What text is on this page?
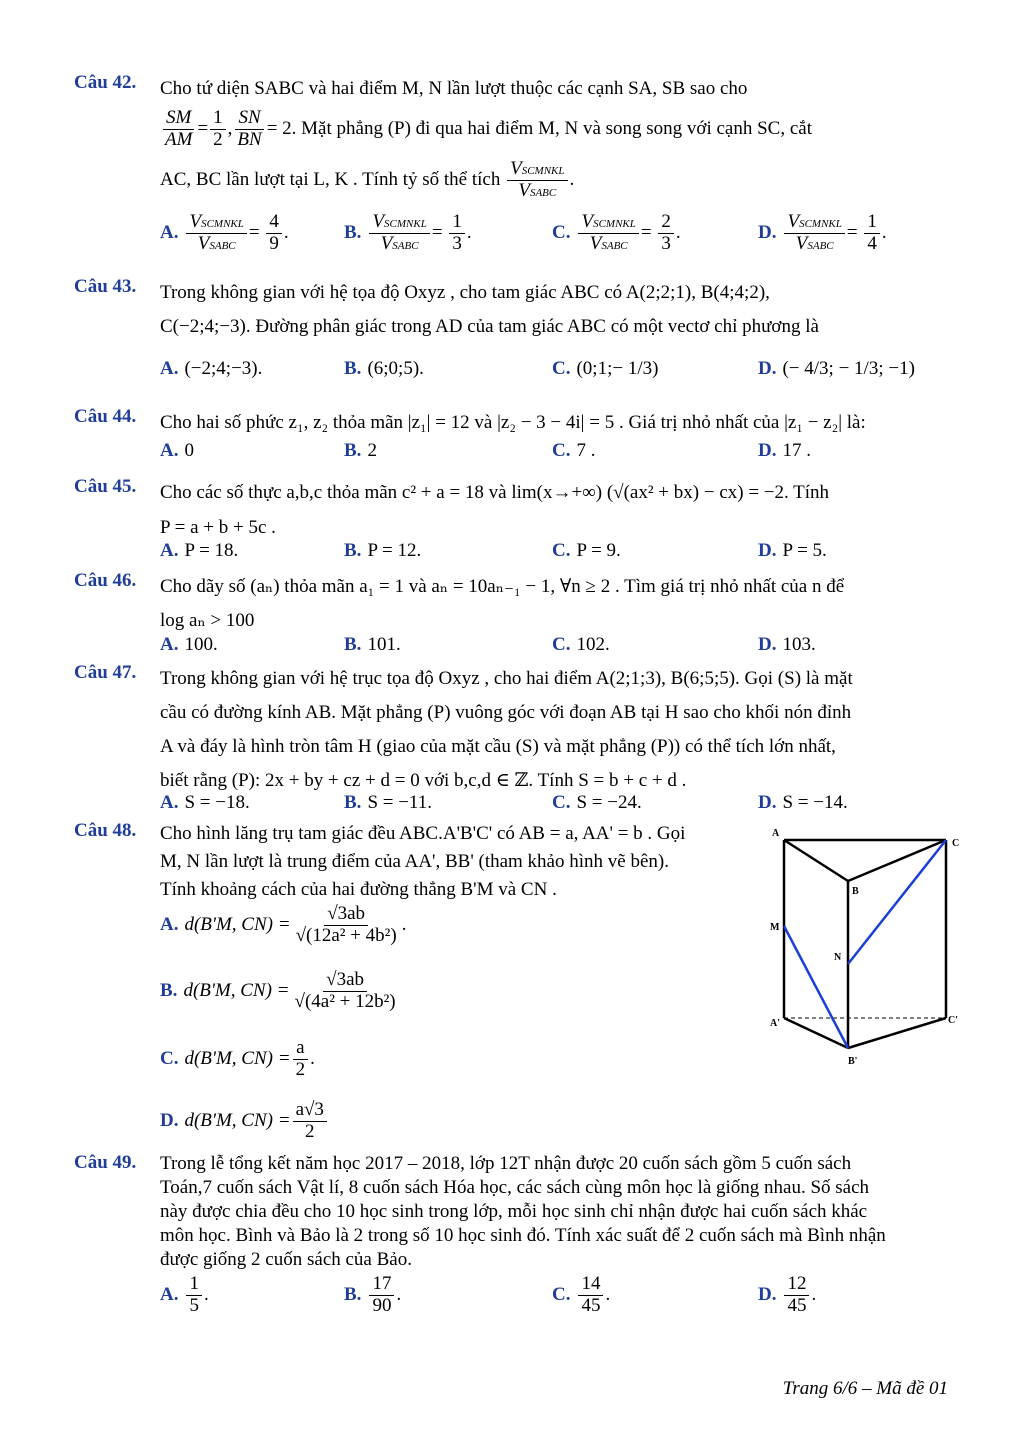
Câu 42. Cho tứ diện SABC và hai điểm M, N lần lượt thuộc các cạnh SA, SB sao cho
$\frac{SM}{AM} = \frac{1}{2}$ , $\frac{SN}{BN} = 2$ . Mặt phẳng (P) đi qua hai điểm M, N và song song với cạnh SC, cắt
AC, BC lần lượt tại L, K . Tính tỷ số thể tích
$\frac{\text{VSCMNKL}}{\text{VSABC}}$ .
A. $\frac{\text{VSCMNKL}}{\text{VSABC}} = \frac{4}{9}$ .	B. $\frac{\text{VSCMNKL}}{\text{VSABC}} = \frac{1}{3}$ .	C. $\frac{\text{VSCMNKL}}{\text{VSABC}} = \frac{2}{3}$ .	D. $\frac{\text{VSCMNKL}}{\text{VSABC}} = \frac{1}{4}$ .
Câu 43. Trong không gian với hệ tọa độ Oxyz , cho tam giác ABC có A(2;2;1), B(4;4;2),
C(−2;4;−3). Đường phân giác trong AD của tam giác ABC có một vectơ chỉ phương là
A. (−2;4;−3).	B. (6;0;5).	C. (0;1;− 1/3)	D. (− 4/3; − 1/3; −1)
Câu 44. Cho hai số phức z₁, z₂ thỏa mãn |z₁| = 12 và |z₂ − 3 − 4i| = 5 . Giá trị nhỏ nhất của |z₁ − z₂| là:
A. 0	B. 2	C. 7 .	D. 17 .
Câu 45. Cho các số thực a,b,c thỏa mãn c² + a = 18 và lim(x→+∞) (√(ax² + bx) − cx) = −2. Tính
P = a + b + 5c .
A. P = 18.	B. P = 12.	C. P = 9.	D. P = 5.
Câu 46. Cho dãy số (aₙ) thỏa mãn a₁ = 1 và aₙ = 10aₙ₋₁ − 1, ∀n ≥ 2 . Tìm giá trị nhỏ nhất của n để
log aₙ > 100
A. 100.	B. 101.	C. 102.	D. 103.
Câu 47. Trong không gian với hệ trục tọa độ Oxyz , cho hai điểm A(2;1;3), B(6;5;5). Gọi (S) là mặt
cầu có đường kính AB. Mặt phẳng (P) vuông góc với đoạn AB tại H sao cho khối nón đỉnh
A và đáy là hình tròn tâm H (giao của mặt cầu (S) và mặt phẳng (P)) có thể tích lớn nhất,
biết rằng (P): 2x + by + cz + d = 0 với b,c,d ∈ ℤ. Tính S = b + c + d .
A. S = −18.	B. S = −11.	C. S = −24.	D. S = −14.
Câu 48. Cho hình lăng trụ tam giác đều ABC.A'B'C' có AB = a, AA' = b . Gọi
M, N lần lượt là trung điểm của AA', BB' (tham khảo hình vẽ bên).
Tính khoảng cách của hai đường thẳng B'M và CN .
A. d(B'M, $CN) = \frac{√3ab}{\text{√(12a² + 4b²)}}$ .
B. d(B'M, $CN) = \frac{√3ab}{\text{√(4a² + 12b²)}}$
C. d(B'M, $CN) = \frac{a}{2}$ .
D. d(B'M, $CN) = \frac{a√3}{2}$
A
C
B
M
N
A'	C'
B'
Câu 49. Trong lễ tổng kết năm học 2017 – 2018, lớp 12T nhận được 20 cuốn sách gồm 5 cuốn sách
Toán,7 cuốn sách Vật lí, 8 cuốn sách Hóa học, các sách cùng môn học là giống nhau. Số sách
này được chia đều cho 10 học sinh trong lớp, mỗi học sinh chỉ nhận được hai cuốn sách khác
môn học. Bình và Bảo là 2 trong số 10 học sinh đó. Tính xác suất để 2 cuốn sách mà Bình nhận
được giống 2 cuốn sách của Bảo.
A. $\frac{1}{5}$ .	B. $\frac{17}{90}$ .	C. $\frac{14}{45}$ .	D. $\frac{12}{45}$ .
Trang 6/6 – Mã đề 01
